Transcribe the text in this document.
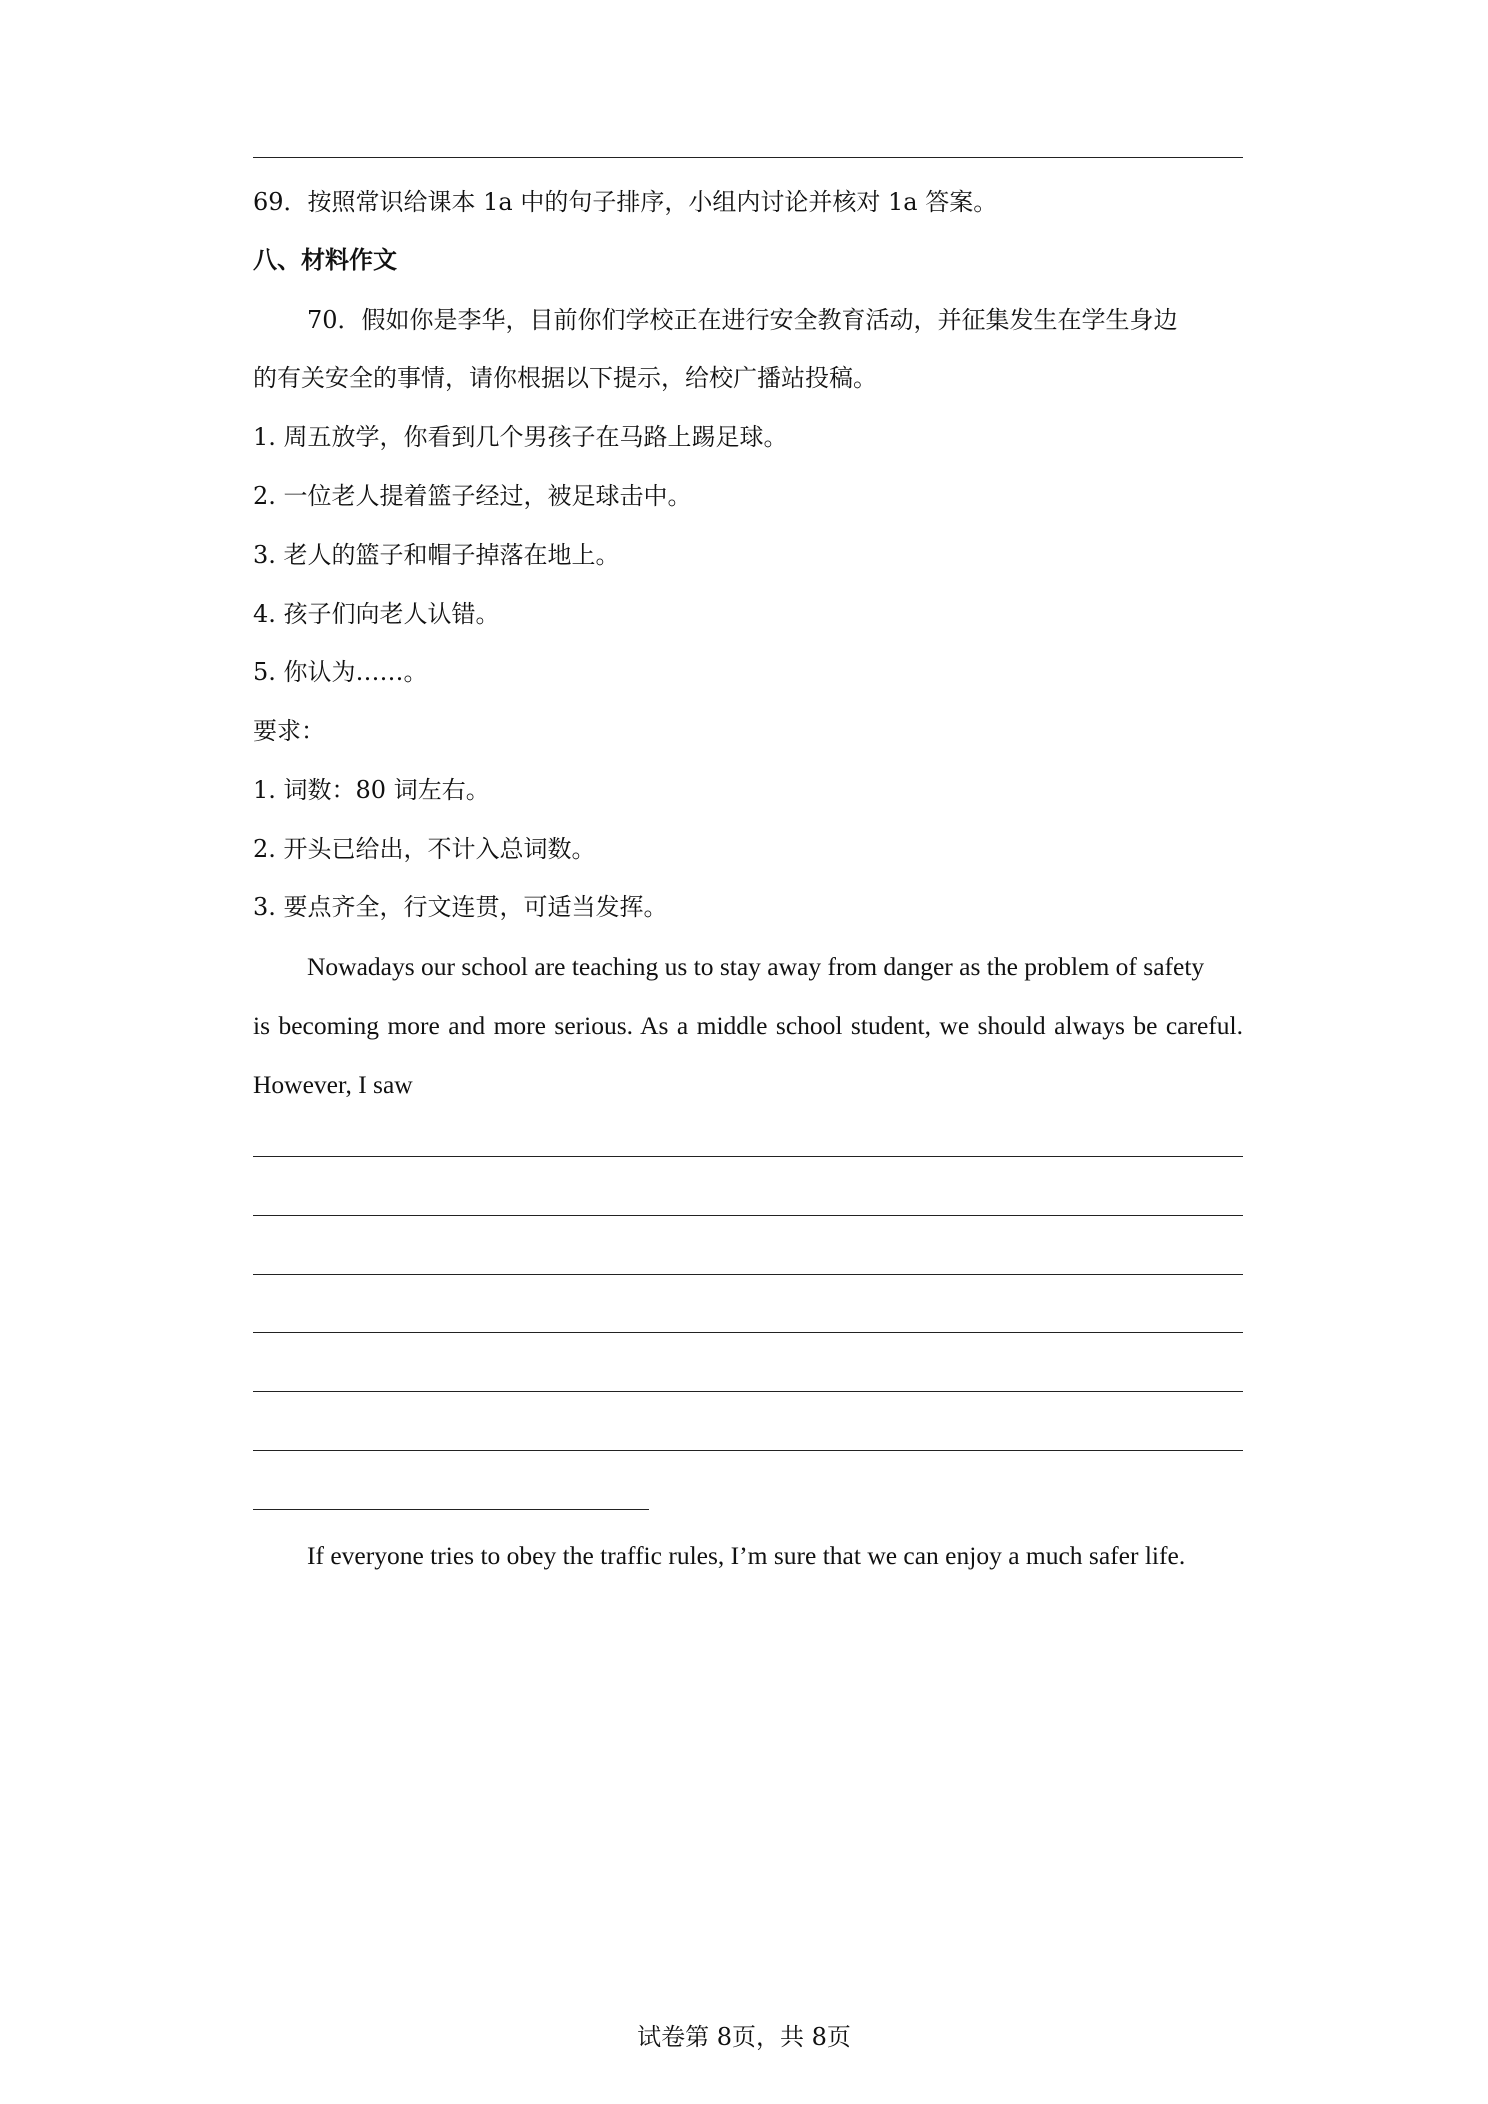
69．按照常识给课本 1a 中的句子排序，小组内讨论并核对 1a 答案。
八、材料作文
70．假如你是李华，目前你们学校正在进行安全教育活动，并征集发生在学生身边
的有关安全的事情，请你根据以下提示，给校广播站投稿。
1. 周五放学，你看到几个男孩子在马路上踢足球。
2. 一位老人提着篮子经过，被足球击中。
3. 老人的篮子和帽子掉落在地上。
4. 孩子们向老人认错。
5. 你认为……。
要求：
1. 词数：80 词左右。
2. 开头已给出，不计入总词数。
3. 要点齐全，行文连贯，可适当发挥。
Nowadays our school are teaching us to stay away from danger as the problem of safety
is becoming more and more serious. As a middle school student, we should always be careful.
However, I saw
If everyone tries to obey the traffic rules, I’m sure that we can enjoy a much safer life.
试卷第 8页，共 8页
